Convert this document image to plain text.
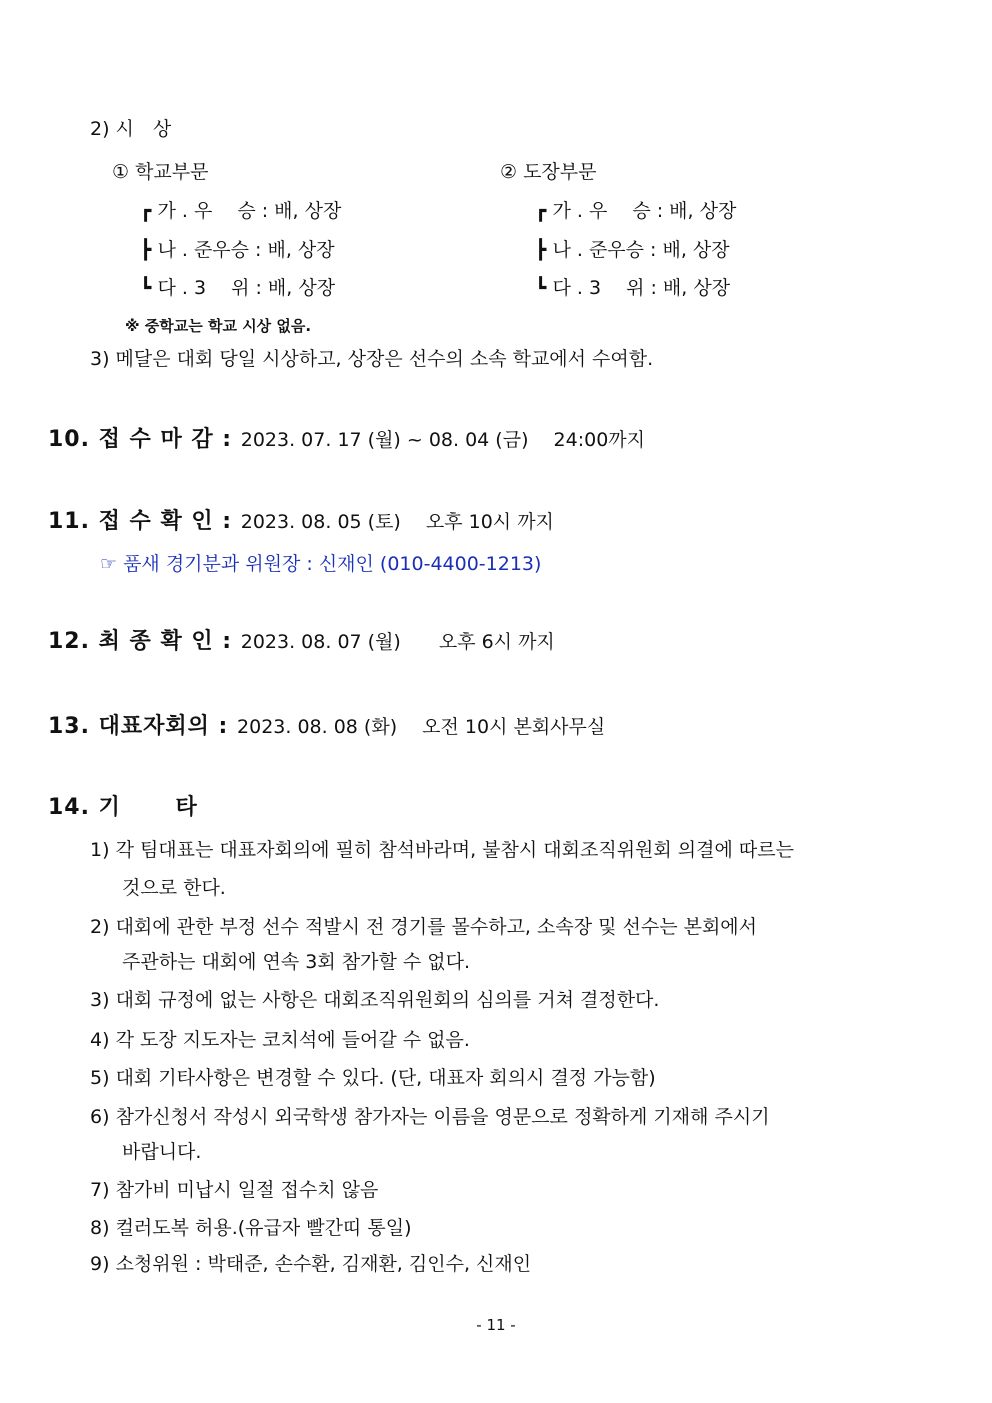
2) 시　상
① 학교부문	② 도장부문
┏ 가 . 우　 승 : 배, 상장
┣ 나 . 준우승 : 배, 상장
┗ 다 . 3　 위 : 배, 상장
┏ 가 . 우　 승 : 배, 상장
┣ 나 . 준우승 : 배, 상장
┗ 다 . 3　 위 : 배, 상장
※ 중학교는 학교 시상 없음.
3) 메달은 대회 당일 시상하고, 상장은 선수의 소속 학교에서 수여함.
10. 접 수 마 감 : 2023. 07. 17 (월) ~ 08. 04 (금)　 24:00까지
11. 접 수 확 인 : 2023. 08. 05 (토)　 오후 10시 까지
☞ 품새 경기분과 위원장 : 신재인 (010-4400-1213)
12. 최 종 확 인 : 2023. 08. 07 (월)　　오후 6시 까지
13. 대표자회의 : 2023. 08. 08 (화)　 오전 10시 본회사무실
14. 기　　 타
1) 각 팀대표는 대표자회의에 필히 참석바라며, 불참시 대회조직위원회 의결에 따르는
것으로 한다.
2) 대회에 관한 부정 선수 적발시 전 경기를 몰수하고, 소속장 및 선수는 본회에서
주관하는 대회에 연속 3회 참가할 수 없다.
3) 대회 규정에 없는 사항은 대회조직위원회의 심의를 거쳐 결정한다.
4) 각 도장 지도자는 코치석에 들어갈 수 없음.
5) 대회 기타사항은 변경할 수 있다. (단, 대표자 회의시 결정 가능함)
6) 참가신청서 작성시 외국학생 참가자는 이름을 영문으로 정확하게 기재해 주시기
바랍니다.
7) 참가비 미납시 일절 접수치 않음
8) 컬러도복 허용.(유급자 빨간띠 통일)
9) 소청위원 : 박태준, 손수환, 김재환, 김인수, 신재인
- 11 -
